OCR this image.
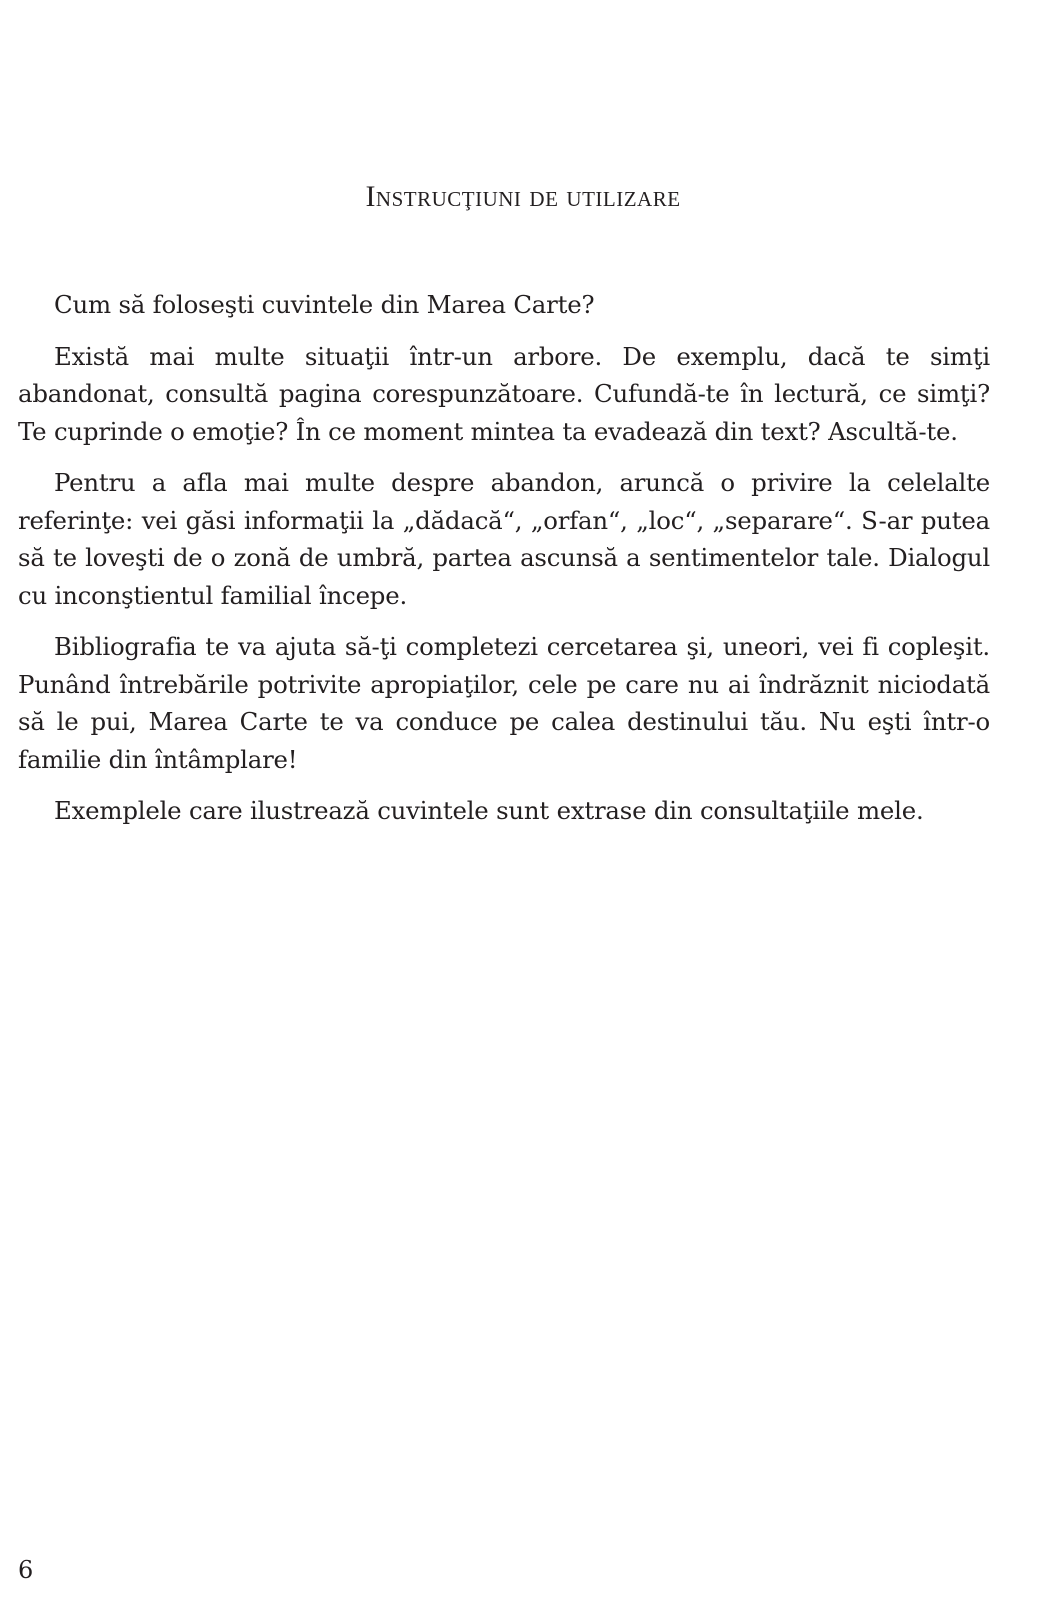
Instrucţiuni de utilizare

Cum să foloseşti cuvintele din Marea Carte?

Există mai multe situaţii într-un arbore. De exemplu, dacă te simţi abandonat, consultă pagina corespunzătoare. Cufundă-te în lectură, ce simţi? Te cuprinde o emoţie? În ce moment mintea ta evadează din text? Ascultă-te.

Pentru a afla mai multe despre abandon, aruncă o privire la celelalte referinţe: vei găsi informaţii la „dădacă“, „orfan“, „loc“, „separare“. S-ar putea să te loveşti de o zonă de umbră, partea ascunsă a sentimentelor tale. Dialogul cu inconştientul familial începe.

Bibliografia te va ajuta să-ţi completezi cercetarea şi, uneori, vei fi copleşit. Punând întrebările potrivite apropiaţilor, cele pe care nu ai îndrăznit niciodată să le pui, Marea Carte te va conduce pe calea destinului tău. Nu eşti într-o familie din întâmplare!

Exemplele care ilustrează cuvintele sunt extrase din consultaţiile mele.

6
